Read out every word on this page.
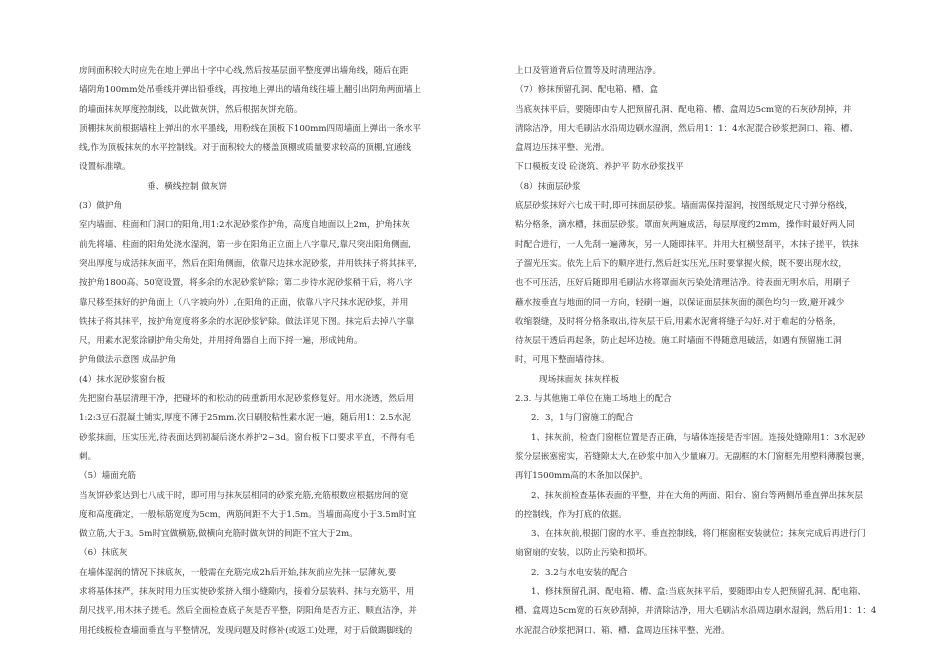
房间面积较大时应先在地上弹出十字中心线,然后按基层面平整度弹出墙角线，随后在距

墙阴角100mm处吊垂线并弹出铅垂线，再按地上弹出的墙角线往墙上翻引出阴角两面墙上

的墙面抹灰厚度控制线，以此做灰饼，然后根据灰饼充筋。

顶棚抹灰前根据墙柱上弹出的水平墨线，用粉线在顶板下100mm四周墙面上弹出一条水平

线,作为顶板抹灰的水平控制线。对于面积较大的楼盖顶棚或质量要求较高的顶棚,宜通线

设置标准墩。

垂、横线控制 做灰饼

(3）做护角

室内墙面、柱面和门洞口的阳角,用1:2水泥砂浆作护角，高度自地面以上2m，护角抹灰

前先将墙、柱面的阳角处浇水湿润，第一步在阳角正立面上八字靠尺,靠尺突出阳角侧面,

突出厚度与成活抹灰面平，然后在阳角侧面，依靠尺边抹水泥砂浆，并用铁抹子将其抹平,

按护角1800高、50宽设置，将多余的水泥砂浆铲除；第二步待水泥砂浆稍干后，将八字

靠尺移至抹好的护角面上（八字坡向外）,在阳角的正面，依靠八字尺抹水泥砂浆，并用

铁抹子将其抹平，按护角宽度将多余的水泥砂浆铲除。做法详见下图。抹完后去掉八字靠

尺，用素水泥浆涂刷护角尖角处，并用捋角器自上而下捋一遍，形成钝角。

护角做法示意图 成品护角

(4）抹水泥砂浆窗台板

先把窗台基层清理干净，把碰坏的和松动的砖重新用水泥砂浆修复好。用水浇透，然后用

1:2:3豆石混凝土铺实,厚度不薄于25mm.次日刷胶粘性素水泥一遍，随后用1：2.5水泥

砂浆抹面，压实压光,待表面达到初凝后浇水养护2~3d。窗台板下口要求平直，不得有毛

刺。

（5）墙面充筋

当灰饼砂浆达到七八成干时，即可用与抹灰层相同的砂浆充筋,充筋根数应根据房间的宽

度和高度确定，一般标筋宽度为5cm，两筋间距不大于1.5m。当墙面高度小于3.5m时宜

做立筋,大于3。5m时宜做横筋,做横向充筋时做灰饼的间距不宜大于2m。

（6）抹底灰

在墙体湿润的情况下抹底灰，一般需在充筋完成2h后开始,抹灰前应先抹一层薄灰,要

求将基体抹严，抹灰时用力压实使砂浆挤入细小缝隙内，接着分层装料、抹与充筋平，用

刮尺找平,用木抹子搓毛。然后全面检查底子灰是否平整，阴阳角是否方正、顺直洁净，并

用托线板检查墙面垂直与平整情况，发现问题及时修补(或返工)处理，对于后做踢脚线的

上口及管道背后位置等及时清理洁净。

（7）修抹预留孔洞、配电箱、槽、盒

当底灰抹平后，要随即由专人把预留孔洞、配电箱、槽、盒周边5cm宽的石灰砂刮掉，并

清除洁净，用大毛刷沾水沿周边刷水湿润，然后用1：1：4水泥混合砂浆把洞口、箱、槽、

盒周边压抹平整、光滑。

下口模板支设 砼浇筑、养护平 防水砂浆找平

（8）抹面层砂浆

底层砂浆抹好六七成干时,即可抹面层砂浆。墙面需保持湿润，按图纸规定尺寸弹分格线，

粘分格条，滴水槽，抹面层砂浆。罩面灰两遍成活，每层厚度约2mm，操作时最好两人同

时配合进行，一人先刮一遍薄灰，另一人随即抹平。并用大杠横竖刮平，木抹子搓平，铁抹

子溜光压实。依先上后下的顺序进行,然后赶实压光,压时要掌握火候，既不要出现水纹，

也不可压活，压好后随即用毛刷沾水将罩面灰污染处清理洁净。待表面无明水后，用刷子

蘸水按垂直与地面的同一方向，轻刷一遍，以保证面层抹灰面的颜色均匀一致,避开减少

收缩裂缝，及时将分格条取出,待灰层干后,用素水泥膏将缝子勾好.对于难起的分格条，

待灰层干透后再起条，防止起坏边棱。施工时墙面不得随意甩破活，如遇有预留施工洞

时，可甩下整面墙待抹。

现场抹面灰 抹灰样板

2.3. 与其他施工单位在施工场地上的配合

2．3，1与门窗施工的配合

1、抹灰前，检查门窗框位置是否正确，与墙体连接是否牢固。连接处缝隙用1：3水泥砂

浆分层嵌塞密实，若缝隙太大,在砂浆中加入少量麻刀。无副框的木门窗框先用塑料薄膜包裹，

再钉1500mm高的木条加以保护。

2、抹灰前检查基体表面的平整，并在大角的两面、阳台、窗台等两侧吊垂直弹出抹灰层

的控制线，作为打底的依据。

3、在抹灰前,根据门窗的水平、垂直控制线，将门框窗框安装就位；抹灰完成后再进行门

扇窗扇的安装，以防止污染和损坏。

2．3.2与水电安装的配合

1、修抹预留孔洞、配电箱、槽、盒:当底灰抹平后，要随即由专人把预留孔洞、配电箱、

槽、盒周边5cm宽的石灰砂刮掉，并清除洁净，用大毛刷沾水沿周边刷水湿润，然后用1：1：4

水泥混合砂浆把洞口、箱、槽、盒周边压抹平整、光滑。
